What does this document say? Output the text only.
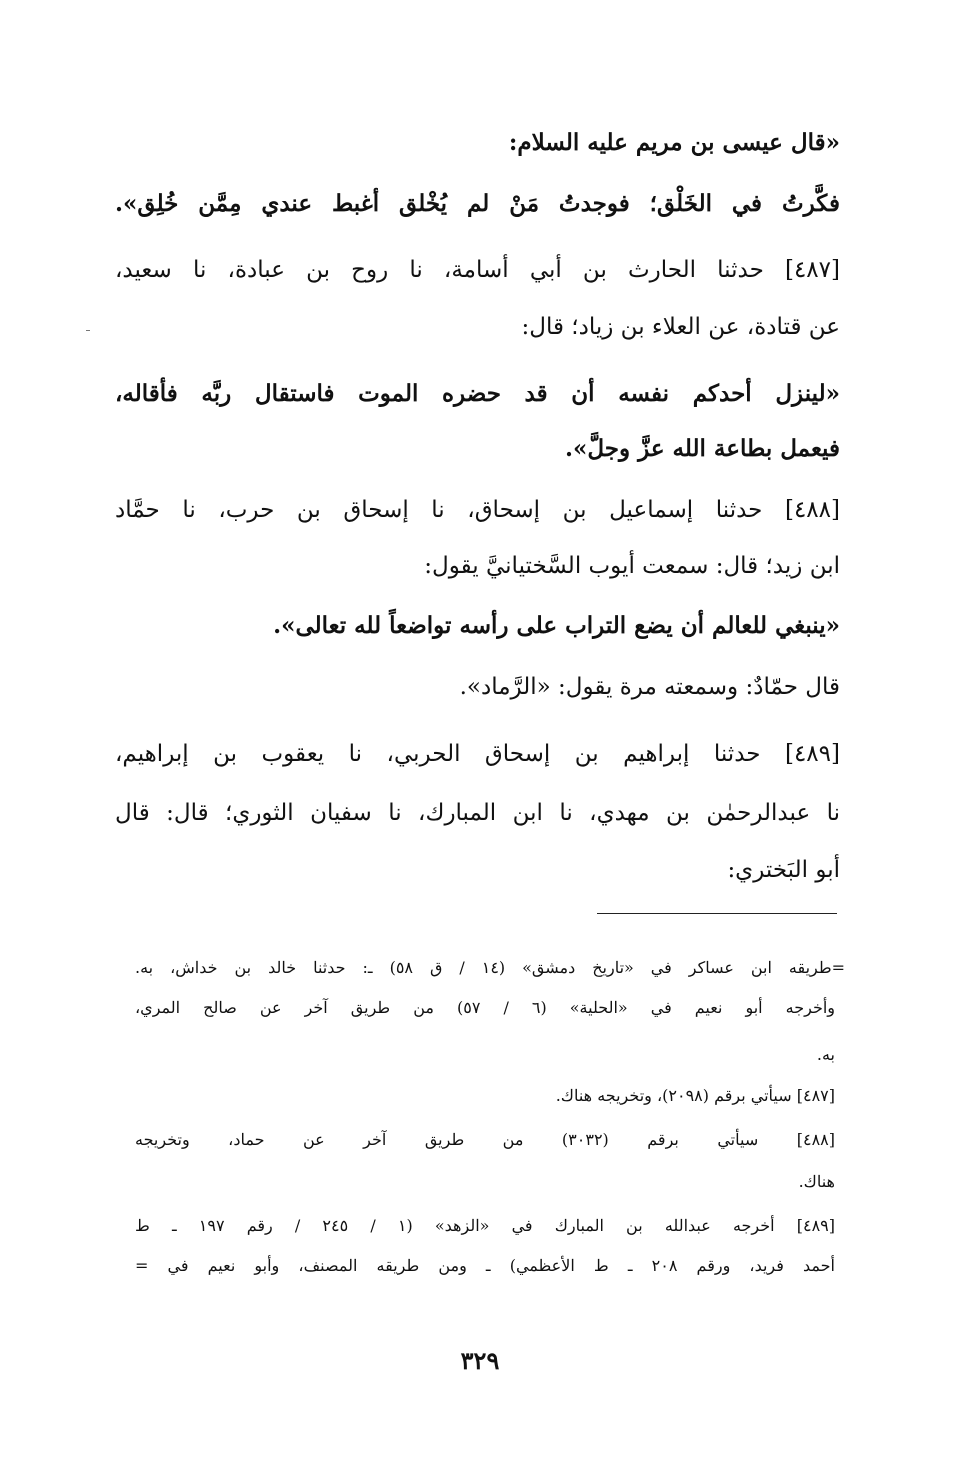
«قال عيسى بن مريم عليه السلام:
فكَّرتُ في الخَلْق؛ فوجدتُ مَنْ لم يُخْلق أغبط عندي مِمَّن خُلِق».
[٤٨٧] حدثنا الحارث بن أبي أسامة، نا روح بن عبادة، نا سعيد،
عن قتادة، عن العلاء بن زياد؛ قال:
«لينزل أحدكم نفسه أن قد حضره الموت فاستقال ربَّه فأقاله،
فيعمل بطاعة الله عزَّ وجلَّ».
[٤٨٨] حدثنا إسماعيل بن إسحاق، نا إسحاق بن حرب، نا حمَّاد
ابن زيد؛ قال: سمعت أيوب السَّختيانيَّ يقول:
«ينبغي للعالم أن يضع التراب على رأسه تواضعاً لله تعالى».
قال حمّادٌ: وسمعته مرة يقول: «الرَّماد».
[٤٨٩] حدثنا إبراهيم بن إسحاق الحربي، نا يعقوب بن إبراهيم،
نا عبدالرحمٰن بن مهدي، نا ابن المبارك، نا سفيان الثوري؛ قال: قال
أبو البَختري:
=طريقه ابن عساكر في «تاريخ دمشق» (١٤ / ق ٥٨) ـ: حدثنا خالد بن خداش، به.
وأخرجه أبو نعيم في «الحلية» (٦ / ٥٧) من طريق آخر عن صالح المري،
به.
[٤٨٧] سيأتي برقم (٢٠٩٨)، وتخريجه هناك.
[٤٨٨] سيأتي برقم (٣٠٣٢) من طريق آخر عن حماد، وتخريجه
هناك.
[٤٨٩] أخرجه عبدالله بن المبارك في «الزهد» (١ / ٢٤٥ / رقم ١٩٧ ـ ط
أحمد فريد، ورقم ٢٠٨ ـ ط الأعظمي) ـ ومن طريقه المصنف، وأبو نعيم في =
٣٢٩
